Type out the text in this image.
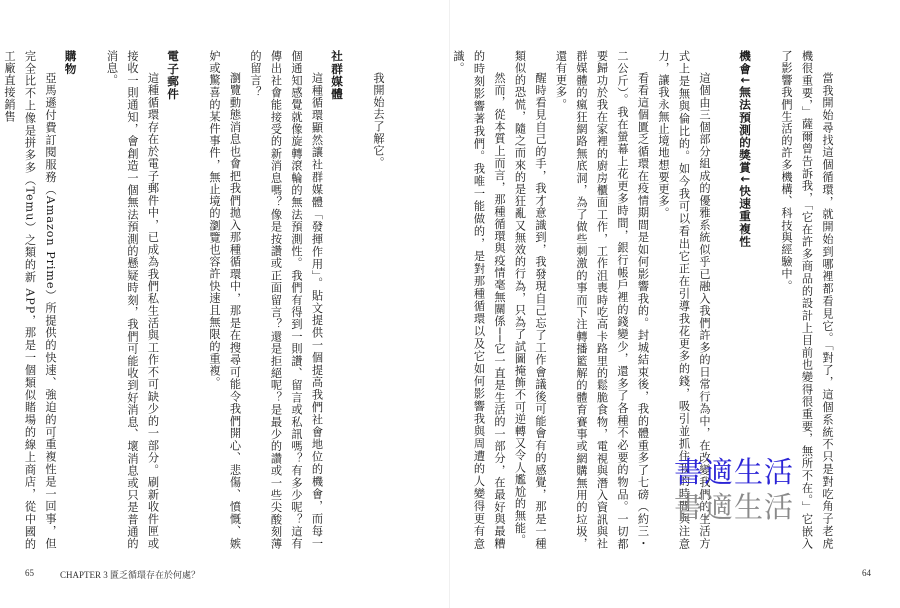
當我開始尋找這個循環，就開始到哪裡都看見它。「對了，這個系統不只是對吃角子老虎機很重要，」薩爾曾告訴我，「它在許多商品的設計上目前也變得很重要，無所不在。」它嵌入了影響我們生活的許多機構、科技與經驗中。

機會↓無法預測的獎賞↓快速重複性

這個由三個部分組成的優雅系統似乎已融入我們許多的日常行為中，在改變我們的生活方式上是無與倫比的。如今我可以看出它正在引導我花更多的錢，吸引並抓住我的時間與注意力，讓我永無止境地想要更多。

看看這個匱乏循環在疫情期間是如何影響我的。封城結束後，我的體重多了七磅（約三・二公斤）。我在螢幕上花更多時間，銀行帳戶裡的錢變少，還多了各種不必要的物品。一切都要歸功於我在家裡的廚房櫃面工作，工作沮喪時吃高卡路里的鬆脆食物，電視與潛入資訊與社群媒體的瘋狂網路無底洞，為了做些刺激的事而下注轉播籃解的體育賽事或網購無用的垃圾，還有更多。

醒時看見自己的手，我才意識到，我發現自己忘了工作會議後可能會有的感覺，那是一種類似的恐慌，隨之而來的是狂亂又無效的行為，只為了試圖掩飾不可逆轉又令人尷尬的無能。

然而，從本質上而言，那種循環與疫情毫無關係──它一直是生活的一部分，在最好與最糟的時刻影響著我們。我唯一能做的，是對那種循環以及它如何影響我與周遭的人變得更有意識。

我開始去了解它。

社群媒體

這種循環顯然讓社群媒體「發揮作用」。貼文提供一個提高我們社會地位的機會，而每一個通知感覺就像旋轉滾輪的無法預測性。我們有得到一則讚、留言或私訊嗎？有多少呢？這有傳出社會能接受的新消息嗎？像是按讚或正面留言？還是拒絕呢？是最少的讚或一些尖酸刻薄的留言？

瀏覽動態消息也會把我們拋入那種循環中，那是在搜尋可能令我們開心、悲傷、憤慨、嫉妒或驚喜的某件事件，無止境的瀏覽也容許快速且無限的重複。

電子郵件

這種循環存在於電子郵件中，已成為我們私生活與工作不可缺少的一部分。刷新收件匣或接收一則通知，會創造一個無法預測的懸疑時刻，我們可能收到好消息、壞消息或只是普通的消息。

購物

亞馬遜付費訂閱服務（Amazon Prime）所提供的快速、強迫的可重複性是一回事，但完全比不上像是拼多多（Temu）之類的新 APP，那是一個類似賭場的線上商店，從中國的工廠直接銷售

書適生活
書適生活
65	CHAPTER 3 匱乏循環存在於何處？	64
